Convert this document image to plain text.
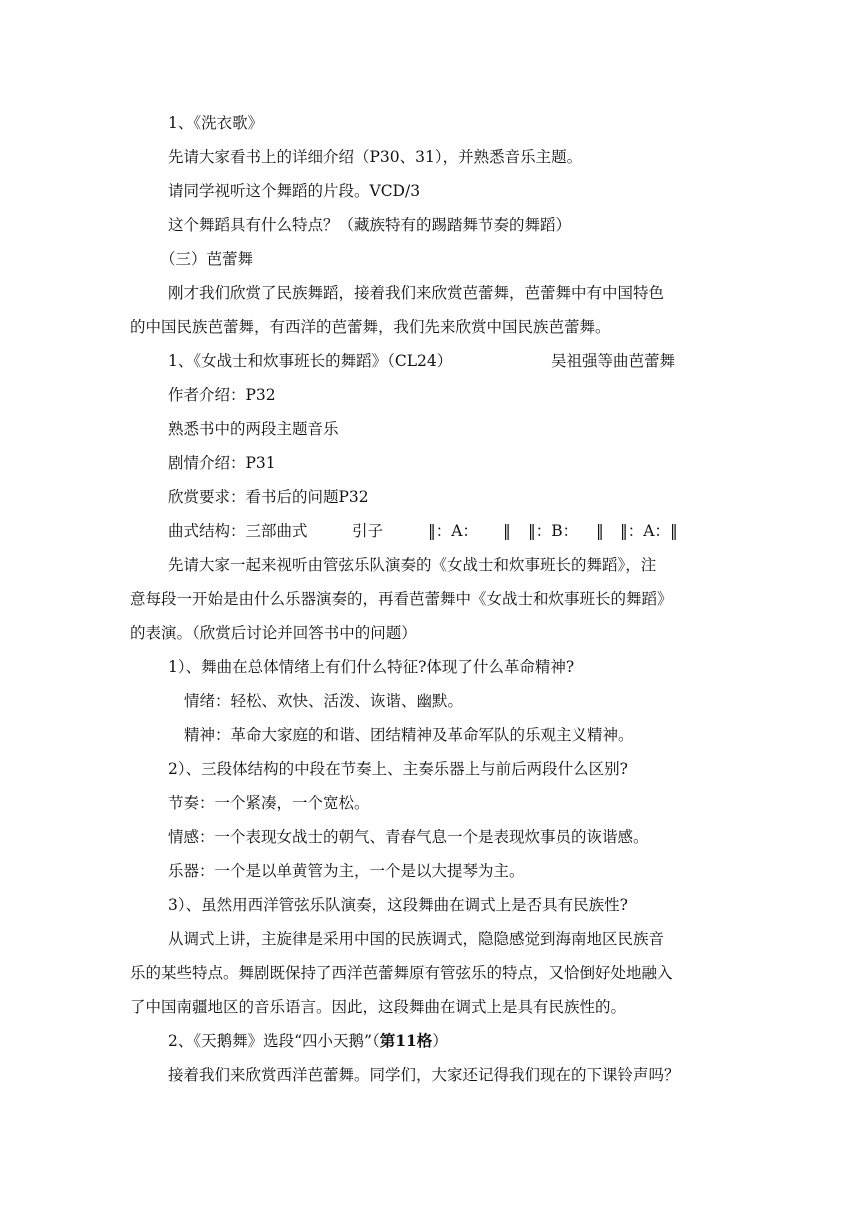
1、《洗衣歌》
先请大家看书上的详细介绍（P30、31），并熟悉音乐主题。
请同学视听这个舞蹈的片段。VCD/3
这个舞蹈具有什么特点？（藏族特有的踢踏舞节奏的舞蹈）
（三）芭蕾舞
刚才我们欣赏了民族舞蹈，接着我们来欣赏芭蕾舞，芭蕾舞中有中国特色
的中国民族芭蕾舞，有西洋的芭蕾舞，我们先来欣赏中国民族芭蕾舞。
1、《女战士和炊事班长的舞蹈》（CL24）	吴祖强等曲芭蕾舞
作者介绍：P32
熟悉书中的两段主题音乐
剧情介绍：P31
欣赏要求：看书后的问题P32
曲式结构：三部曲式	引子	‖：A： ‖ ‖：B： ‖ ‖：A：‖
先请大家一起来视听由管弦乐队演奏的《女战士和炊事班长的舞蹈》，注
意每段一开始是由什么乐器演奏的，再看芭蕾舞中《女战士和炊事班长的舞蹈》
的表演。（欣赏后讨论并回答书中的问题）
1）、舞曲在总体情绪上有们什么特征?体现了什么革命精神?
情绪：轻松、欢快、活泼、诙谐、幽默。
精神：革命大家庭的和谐、团结精神及革命军队的乐观主义精神。
2）、三段体结构的中段在节奏上、主奏乐器上与前后两段什么区别?
节奏：一个紧凑，一个宽松。
情感：一个表现女战士的朝气、青春气息一个是表现炊事员的诙谐感。
乐器：一个是以单黄管为主，一个是以大提琴为主。
3）、虽然用西洋管弦乐队演奏，这段舞曲在调式上是否具有民族性?
从调式上讲，主旋律是采用中国的民族调式，隐隐感觉到海南地区民族音
乐的某些特点。舞剧既保持了西洋芭蕾舞原有管弦乐的特点，又恰倒好处地融入
了中国南疆地区的音乐语言。因此，这段舞曲在调式上是具有民族性的。
2、《天鹅舞》选段“四小天鹅”（第11格）
接着我们来欣赏西洋芭蕾舞。同学们，大家还记得我们现在的下课铃声吗？
